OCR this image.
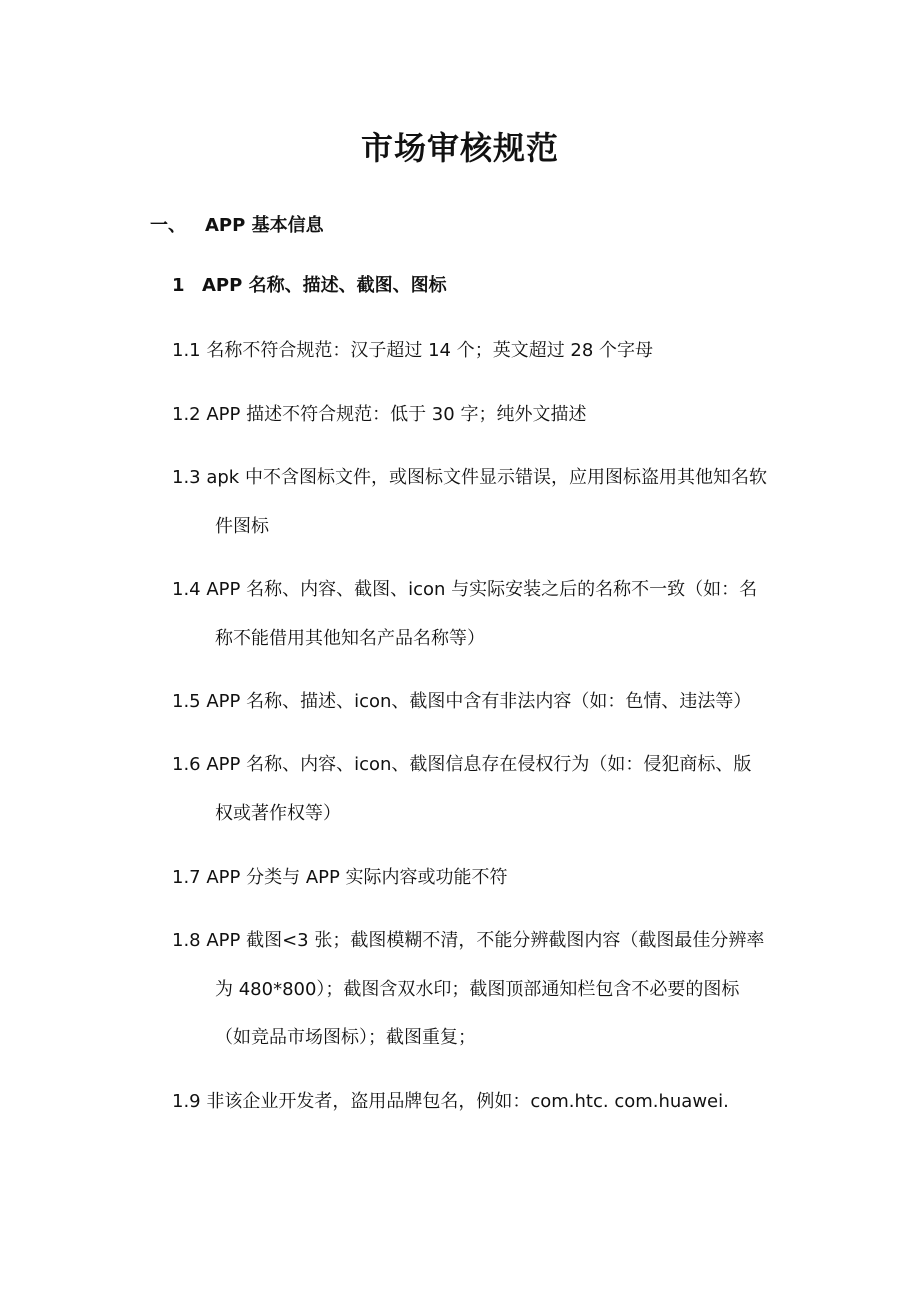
市场审核规范
一、 APP 基本信息
1 APP 名称、描述、截图、图标
1.1 名称不符合规范：汉子超过 14 个；英文超过 28 个字母
1.2 APP 描述不符合规范：低于 30 字；纯外文描述
1.3 apk 中不含图标文件，或图标文件显示错误，应用图标盗用其他知名软
件图标
1.4 APP 名称、内容、截图、icon 与实际安装之后的名称不一致（如：名
称不能借用其他知名产品名称等）
1.5 APP 名称、描述、icon、截图中含有非法内容（如：色情、违法等）
1.6 APP 名称、内容、icon、截图信息存在侵权行为（如：侵犯商标、版
权或著作权等）
1.7 APP 分类与 APP 实际内容或功能不符
1.8 APP 截图<3 张；截图模糊不清，不能分辨截图内容（截图最佳分辨率
为 480*800）；截图含双水印；截图顶部通知栏包含不必要的图标
（如竞品市场图标）；截图重复；
1.9 非该企业开发者，盗用品牌包名，例如：com.htc. com.huawei.
